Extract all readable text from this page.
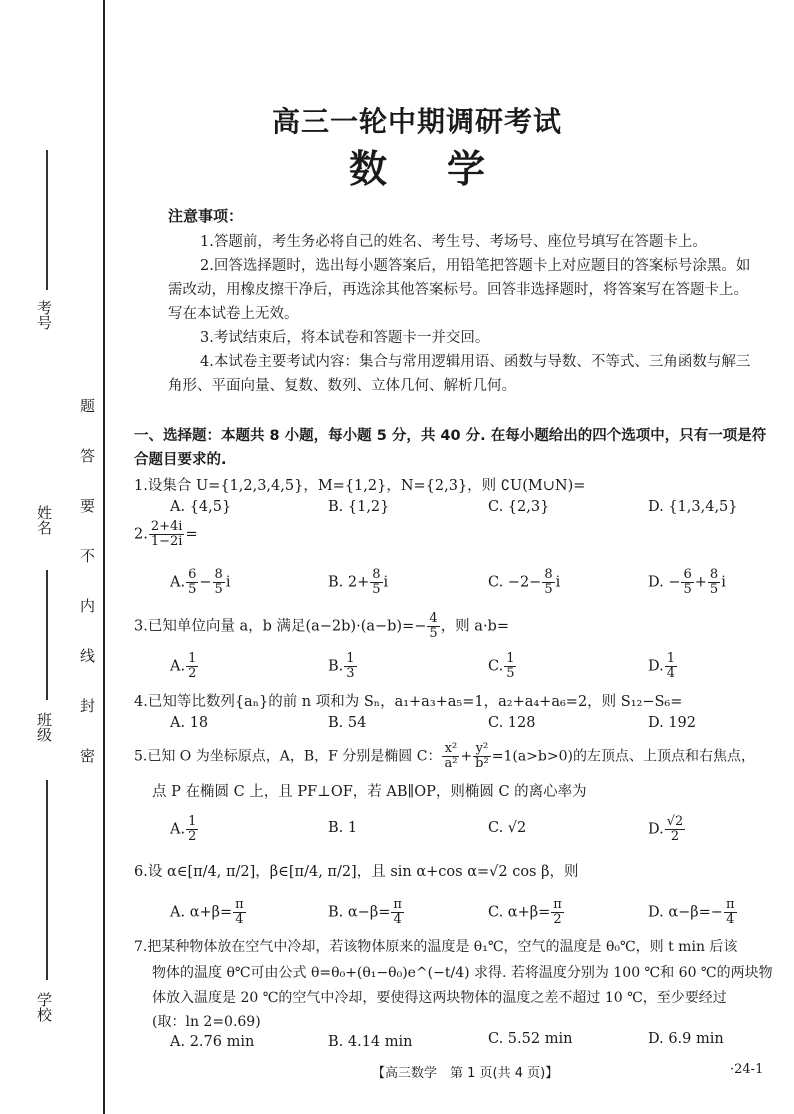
考号
姓名
班级
学校
题
答
要
不
内
线
封
密
高三一轮中期调研考试
数学
注意事项：
1.答题前，考生务必将自己的姓名、考生号、考场号、座位号填写在答题卡上。
2.回答选择题时，选出每小题答案后，用铅笔把答题卡上对应题目的答案标号涂黑。如需改动，用橡皮擦干净后，再选涂其他答案标号。回答非选择题时，将答案写在答题卡上。写在本试卷上无效。
3.考试结束后，将本试卷和答题卡一并交回。
4.本试卷主要考试内容：集合与常用逻辑用语、函数与导数、不等式、三角函数与解三角形、平面向量、复数、数列、立体几何、解析几何。
一、选择题：本题共 8 小题，每小题 5 分，共 40 分. 在每小题给出的四个选项中，只有一项是符合题目要求的.
1.设集合 U={1,2,3,4,5}，M={1,2}，N={2,3}，则 ∁U(M∪N)=
A. {4,5}	B. {1,2}	C. {2,3}	D. {1,3,4,5}
2. $\frac{2+4i}{1-2i}$ =
A. $\frac{6}{5} - \frac{8}{5}$ i	B. $2+ \frac{8}{5}$ i	C. $-2- \frac{8}{5}$ i	D. − $\frac{6}{5} + \frac{8}{5}$ i
3.已知单位向量 a，b 满足$(a-2b)\cdot(a-b)=- \frac{4}{5}$ ，则 a·b=
A. $\frac{1}{2}$	B. $\frac{1}{3}$	C. $\frac{1}{5}$	D. $\frac{1}{4}$
4.已知等比数列{aₙ}的前 n 项和为 Sₙ，a₁+a₃+a₅=1，a₂+a₄+a₆=2，则 S₁₂−S₆=
A. 18	B. 54	C. 128	D. 192
5.已知 O 为坐标原点，A，B，F 分别是椭圆 C： $\frac{\text{x²}}{\text{a²}} + \frac{\text{y²}}{\text{b²}} =1(a>b>0)$的左顶点、上顶点和右焦点，
点 P 在椭圆 C 上，且 PF⊥OF，若 AB∥OP，则椭圆 C 的离心率为
A. $\frac{1}{2}$	B. 1	C. √2	D. $\frac{√2}{2}$
6.设 α∈[π/4, π/2]，β∈[π/4, π/2]，且 sin α+cos α=√2 cos β，则
A. $\alpha+\beta= \frac{\pi}{4}$	B. $\alpha-\beta= \frac{\pi}{4}$	C. $\alpha+\beta= \frac{\pi}{2}$	D. $\alpha-\beta=- \frac{\pi}{4}$
7.把某种物体放在空气中冷却，若该物体原来的温度是 θ₁℃，空气的温度是 θ₀℃，则 t min 后该
物体的温度 θ℃可由公式 θ=θ₀+(θ₁−θ₀)e^(−t/4) 求得. 若将温度分别为 100 ℃和 60 ℃的两块物
体放入温度是 20 ℃的空气中冷却，要使得这两块物体的温度之差不超过 10 ℃，至少要经过
(取：ln 2=0.69)
A. 2.76 min	B. 4.14 min	C. 5.52 min	D. 6.9 min
【高三数学　第 1 页(共 4 页)】	·24-1
